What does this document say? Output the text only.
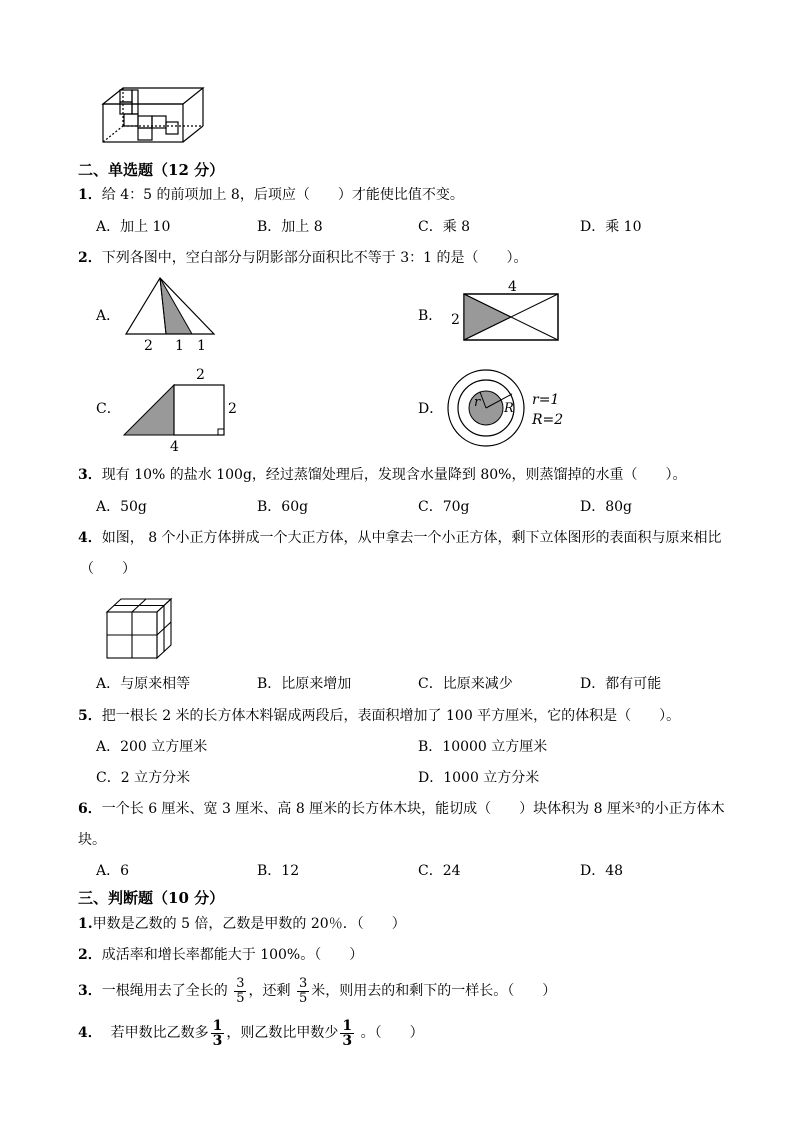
二、单选题（12 分）
1．给 4：5 的前项加上 8，后项应（　　）才能使比值不变。
A．加上 10	B．加上 8	C．乘 8	D．乘 10
2．下列各图中，空白部分与阴影部分面积比不等于 3：1 的是（　　）。
A．
2 1 1
B．
4
2
C．
2
2
4
D． r R
r=1
R=2
3．现有 10% 的盐水 100g，经过蒸馏处理后，发现含水量降到 80%，则蒸馏掉的水重（　　）。
A．50g	B．60g	C．70g	D．80g
4．如图， 8 个小正方体拼成一个大正方体，从中拿去一个小正方体，剩下立体图形的表面积与原来相比
（　　）
A．与原来相等	B．比原来增加	C．比原来减少	D．都有可能
5．把一根长 2 米的长方体木料锯成两段后，表面积增加了 100 平方厘米，它的体积是（　　）。
A．200 立方厘米	B．10000 立方厘米
C．2 立方分米	D．1000 立方分米
6．一个长 6 厘米、宽 3 厘米、高 8 厘米的长方体木块，能切成（　　）块体积为 8 厘米³的小正方体木
块。
A．6	B．12	C．24	D．48
三、判断题（10 分）
1.甲数是乙数的 5 倍，乙数是甲数的 20％．（　　）
2．成活率和增长率都能大于 100%。（　　）
3．一根绳用去了全长的 $\frac{3}{5}$ ，还剩 $\frac{3}{5}$ 米，则用去的和剩下的一样长。（　　）
4． 若甲数比乙数多 $\frac{1}{3}$ ，则乙数比甲数少 $\frac{1}{3}$ 。（　　）
